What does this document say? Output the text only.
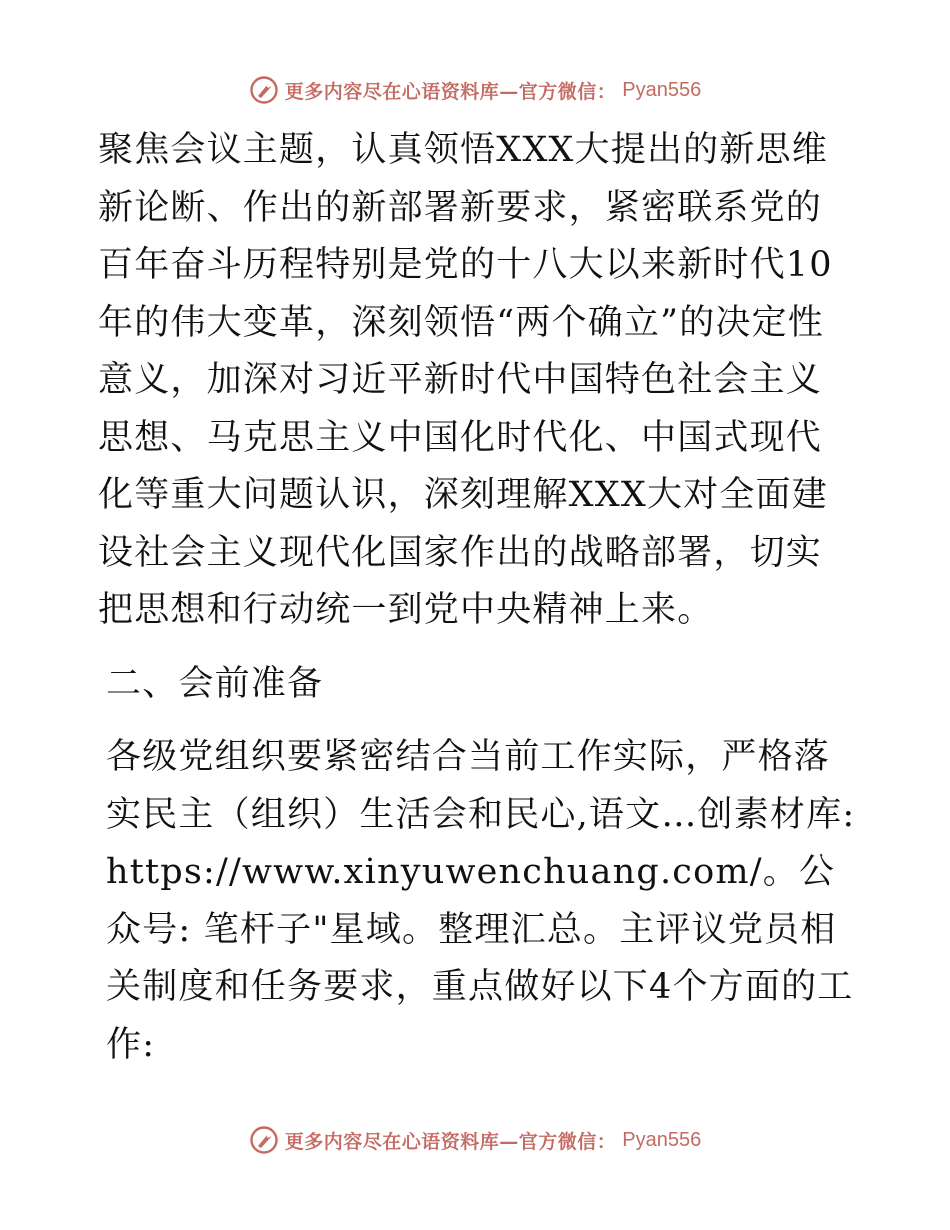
更多内容尽在心语资料库—官方微信： Pyan556

聚焦会议主题，认真领悟XXX大提出的新思维新论断、作出的新部署新要求，紧密联系党的百年奋斗历程特别是党的十八大以来新时代10年的伟大变革，深刻领悟“两个确立”的决定性意义，加深对习近平新时代中国特色社会主义思想、马克思主义中国化时代化、中国式现代化等重大问题认识，深刻理解XXX大对全面建设社会主义现代化国家作出的战略部署，切实把思想和行动统一到党中央精神上来。

二、会前准备

各级党组织要紧密结合当前工作实际，严格落实民主（组织）生活会和民心,语文…创素材库: https://www.xinyuwenchuang.com/。公众号: 笔杆子"星域。整理汇总。主评议党员相关制度和任务要求，重点做好以下4个方面的工作:

更多内容尽在心语资料库—官方微信： Pyan556
